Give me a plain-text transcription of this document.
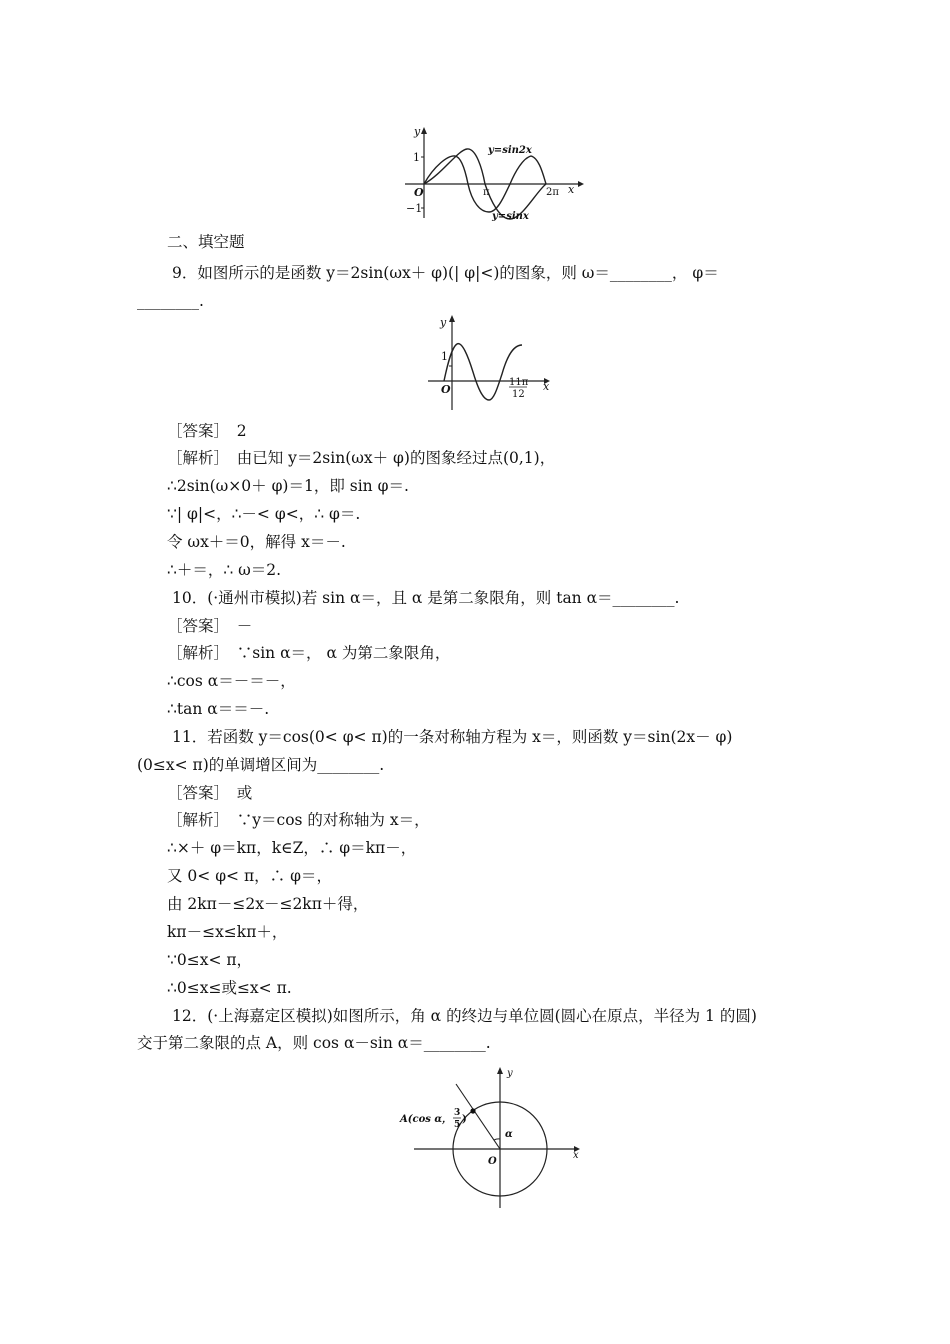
y
x
O
1
−1
π	2π
y=sin2x
y=sinx
二、填空题
9．如图所示的是函数 y＝2sin(ωx＋ φ)(| φ|<)的图象，则 ω＝________， φ＝
________.
y
x
O
1
11π
12
［答案］　2
［解析］　由已知 y＝2sin(ωx＋ φ)的图象经过点(0,1)，
∴2sin(ω×0＋ φ)＝1，即 sin φ＝.
∵| φ|<，∴－< φ<，∴ φ＝.
令 ωx＋＝0，解得 x＝－.
∴＋＝，∴ ω＝2.
10．(·通州市模拟)若 sin α＝，且 α 是第二象限角，则 tan α＝________.
［答案］　－
［解析］　∵sin α＝， α 为第二象限角，
∴cos α＝－＝－，
∴tan α＝＝－.
11．若函数 y＝cos(0< φ< π)的一条对称轴方程为 x＝，则函数 y＝sin(2x－ φ)
(0≤x< π)的单调增区间为________.
［答案］　或
［解析］　∵y＝cos 的对称轴为 x＝，
∴×＋ φ＝kπ，k∈Z，∴ φ＝kπ－，
又 0< φ< π，∴ φ＝，
由 2kπ－≤2x－≤2kπ＋得，
kπ－≤x≤kπ＋，
∵0≤x< π，
∴0≤x≤或≤x< π.
12．(·上海嘉定区模拟)如图所示，角 α 的终边与单位圆(圆心在原点，半径为 1 的圆)
交于第二象限的点 A，则 cos α－sin α＝________.
A(cos α，
3
5 )
α
O
x
y
